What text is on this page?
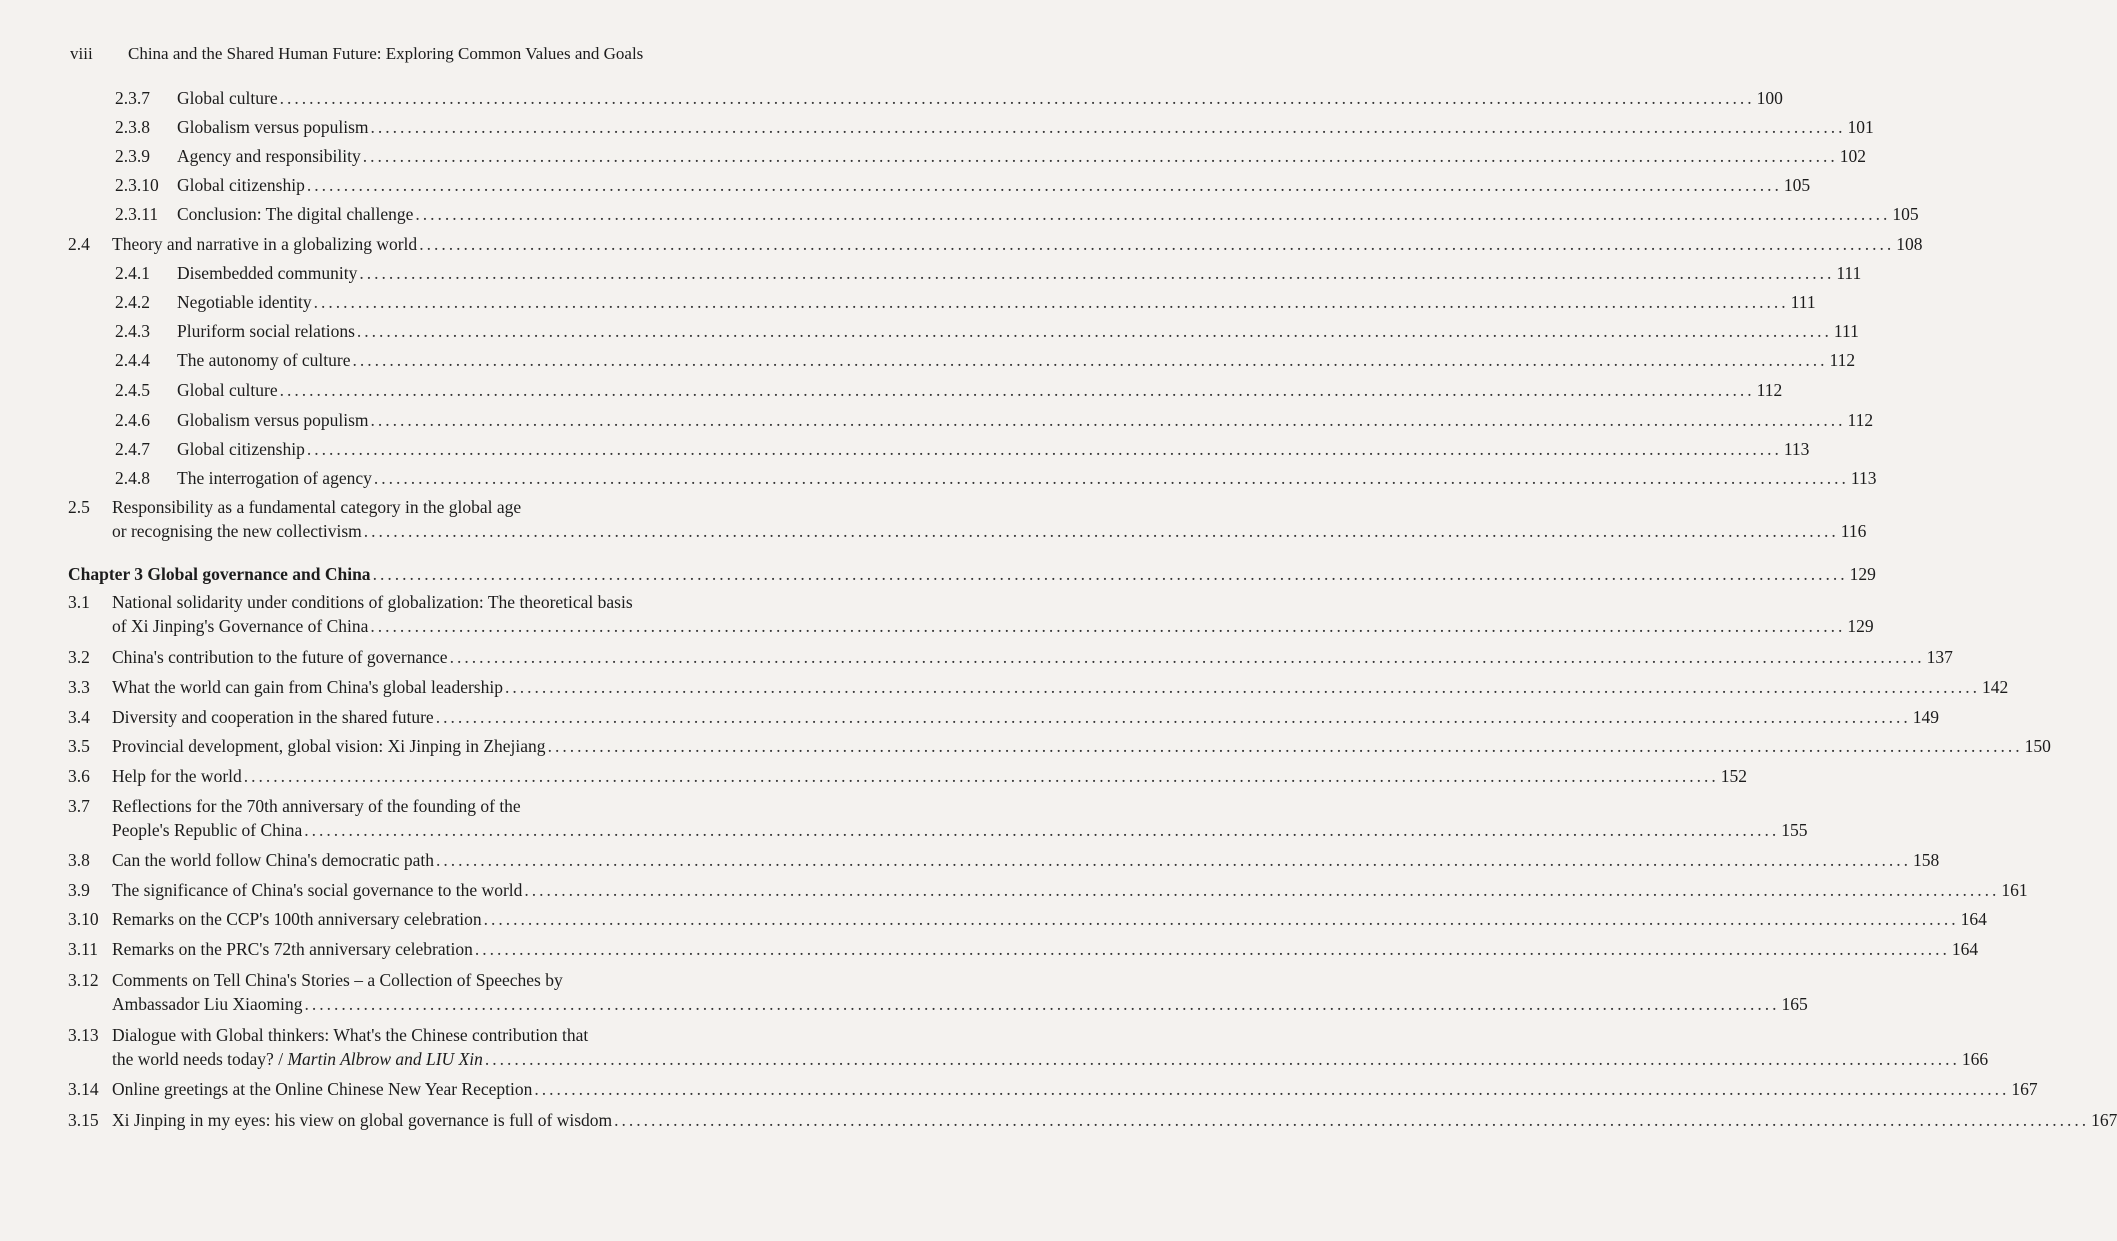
viii China and the Shared Human Future: Exploring Common Values and Goals
2.3.7 Global culture ........................................................................................................................................................................................................ 100
2.3.8 Globalism versus populism ........................................................................................................................................................................................................ 101
2.3.9 Agency and responsibility ........................................................................................................................................................................................................ 102
2.3.10 Global citizenship ........................................................................................................................................................................................................ 105
2.3.11 Conclusion: The digital challenge ........................................................................................................................................................................................................ 105
2.4 Theory and narrative in a globalizing world ........................................................................................................................................................................................................ 108
2.4.1 Disembedded community ........................................................................................................................................................................................................ 111
2.4.2 Negotiable identity ........................................................................................................................................................................................................ 111
2.4.3 Pluriform social relations ........................................................................................................................................................................................................ 111
2.4.4 The autonomy of culture ........................................................................................................................................................................................................ 112
2.4.5 Global culture ........................................................................................................................................................................................................ 112
2.4.6 Globalism versus populism ........................................................................................................................................................................................................ 112
2.4.7 Global citizenship ........................................................................................................................................................................................................ 113
2.4.8 The interrogation of agency ........................................................................................................................................................................................................ 113
2.5 Responsibility as a fundamental category in the global age
or recognising the new collectivism ........................................................................................................................................................................................................ 116
Chapter 3 Global governance and China ........................................................................................................................................................................................................ 129
3.1 National solidarity under conditions of globalization: The theoretical basis
of Xi Jinping's Governance of China ........................................................................................................................................................................................................ 129
3.2 China's contribution to the future of governance ........................................................................................................................................................................................................ 137
3.3 What the world can gain from China's global leadership ........................................................................................................................................................................................................ 142
3.4 Diversity and cooperation in the shared future ........................................................................................................................................................................................................ 149
3.5 Provincial development, global vision: Xi Jinping in Zhejiang ........................................................................................................................................................................................................ 150
3.6 Help for the world ........................................................................................................................................................................................................ 152
3.7 Reflections for the 70th anniversary of the founding of the
People's Republic of China ........................................................................................................................................................................................................ 155
3.8 Can the world follow China's democratic path ........................................................................................................................................................................................................ 158
3.9 The significance of China's social governance to the world ........................................................................................................................................................................................................ 161
3.10 Remarks on the CCP's 100th anniversary celebration ........................................................................................................................................................................................................ 164
3.11 Remarks on the PRC's 72th anniversary celebration ........................................................................................................................................................................................................ 164
3.12 Comments on Tell China's Stories – a Collection of Speeches by
Ambassador Liu Xiaoming ........................................................................................................................................................................................................ 165
3.13 Dialogue with Global thinkers: What's the Chinese contribution that
the world needs today? / Martin Albrow and LIU Xin ........................................................................................................................................................................................................ 166
3.14 Online greetings at the Online Chinese New Year Reception ........................................................................................................................................................................................................ 167
3.15 Xi Jinping in my eyes: his view on global governance is full of wisdom ........................................................................................................................................................................................................ 167
